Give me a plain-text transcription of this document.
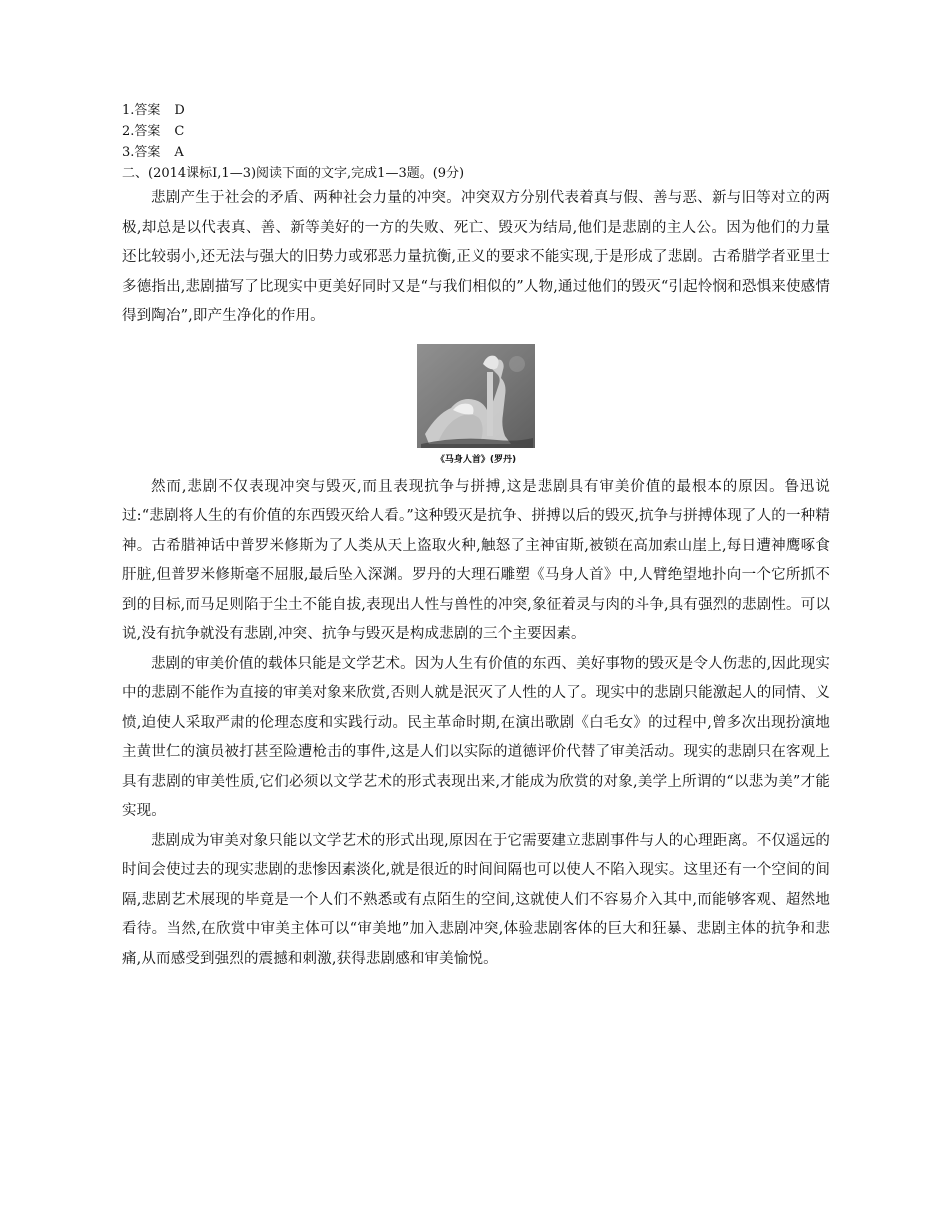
1.答案 D
2.答案 C
3.答案 A
二、(2014课标Ⅰ,1—3)阅读下面的文字,完成1—3题。(9分)

悲剧产生于社会的矛盾、两种社会力量的冲突。冲突双方分别代表着真与假、善与恶、新与旧等对立的两极,却总是以代表真、善、新等美好的一方的失败、死亡、毁灭为结局,他们是悲剧的主人公。因为他们的力量还比较弱小,还无法与强大的旧势力或邪恶力量抗衡,正义的要求不能实现,于是形成了悲剧。古希腊学者亚里士多德指出,悲剧描写了比现实中更美好同时又是“与我们相似的”人物,通过他们的毁灭“引起怜悯和恐惧来使感情得到陶冶”,即产生净化的作用。

《马身人首》(罗丹)

然而,悲剧不仅表现冲突与毁灭,而且表现抗争与拼搏,这是悲剧具有审美价值的最根本的原因。鲁迅说过:“悲剧将人生的有价值的东西毁灭给人看。”这种毁灭是抗争、拼搏以后的毁灭,抗争与拼搏体现了人的一种精神。古希腊神话中普罗米修斯为了人类从天上盗取火种,触怒了主神宙斯,被锁在高加索山崖上,每日遭神鹰啄食肝脏,但普罗米修斯毫不屈服,最后坠入深渊。罗丹的大理石雕塑《马身人首》中,人臂绝望地扑向一个它所抓不到的目标,而马足则陷于尘土不能自拔,表现出人性与兽性的冲突,象征着灵与肉的斗争,具有强烈的悲剧性。可以说,没有抗争就没有悲剧,冲突、抗争与毁灭是构成悲剧的三个主要因素。

悲剧的审美价值的载体只能是文学艺术。因为人生有价值的东西、美好事物的毁灭是令人伤悲的,因此现实中的悲剧不能作为直接的审美对象来欣赏,否则人就是泯灭了人性的人了。现实中的悲剧只能激起人的同情、义愤,迫使人采取严肃的伦理态度和实践行动。民主革命时期,在演出歌剧《白毛女》的过程中,曾多次出现扮演地主黄世仁的演员被打甚至险遭枪击的事件,这是人们以实际的道德评价代替了审美活动。现实的悲剧只在客观上具有悲剧的审美性质,它们必须以文学艺术的形式表现出来,才能成为欣赏的对象,美学上所谓的“以悲为美”才能实现。

悲剧成为审美对象只能以文学艺术的形式出现,原因在于它需要建立悲剧事件与人的心理距离。不仅遥远的时间会使过去的现实悲剧的悲惨因素淡化,就是很近的时间间隔也可以使人不陷入现实。这里还有一个空间的间隔,悲剧艺术展现的毕竟是一个人们不熟悉或有点陌生的空间,这就使人们不容易介入其中,而能够客观、超然地看待。当然,在欣赏中审美主体可以“审美地”加入悲剧冲突,体验悲剧客体的巨大和狂暴、悲剧主体的抗争和悲痛,从而感受到强烈的震撼和刺激,获得悲剧感和审美愉悦。
